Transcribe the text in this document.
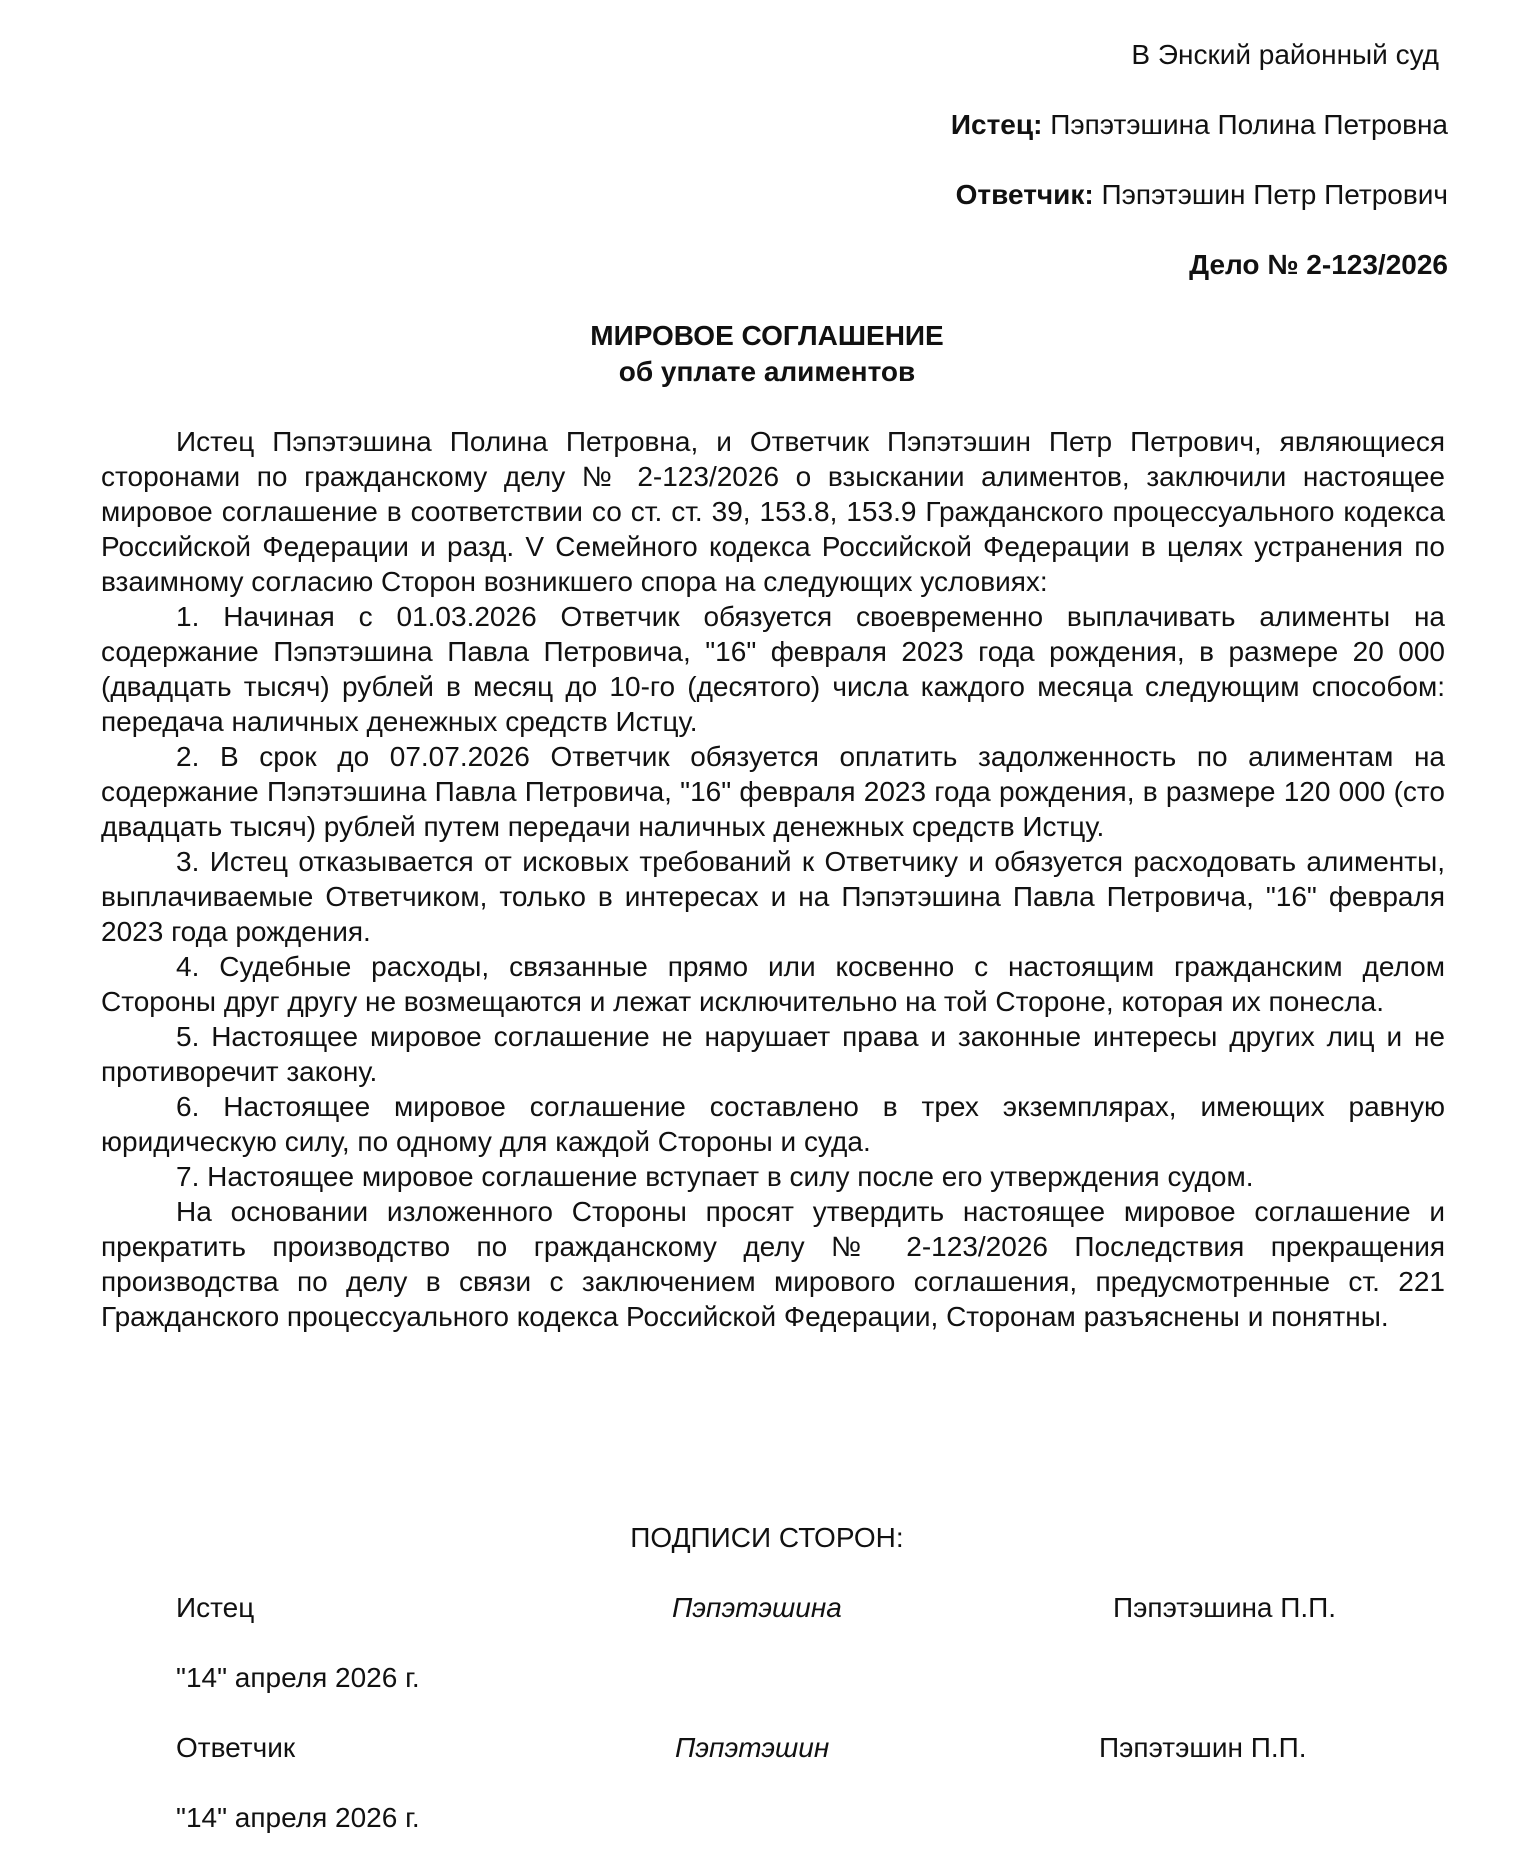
В Энский районный суд
Истец: Пэпэтэшина Полина Петровна
Ответчик: Пэпэтэшин Петр Петрович
Дело № 2-123/2026
МИРОВОЕ СОГЛАШЕНИЕ
об уплате алиментов

Истец Пэпэтэшина Полина Петровна, и Ответчик Пэпэтэшин Петр Петрович, являющиеся сторонами по гражданскому делу № 2-123/2026 о взыскании алиментов, заключили настоящее мировое соглашение в соответствии со ст. ст. 39, 153.8, 153.9 Гражданского процессуального кодекса Российской Федерации и разд. V Семейного кодекса Российской Федерации в целях устранения по взаимному согласию Сторон возникшего спора на следующих условиях:

1. Начиная с 01.03.2026 Ответчик обязуется своевременно выплачивать алименты на содержание Пэпэтэшина Павла Петровича, "16" февраля 2023 года рождения, в размере 20 000 (двадцать тысяч) рублей в месяц до 10-го (десятого) числа каждого месяца следующим способом: передача наличных денежных средств Истцу.

2. В срок до 07.07.2026 Ответчик обязуется оплатить задолженность по алиментам на содержание Пэпэтэшина Павла Петровича, "16" февраля 2023 года рождения, в размере 120 000 (сто двадцать тысяч) рублей путем передачи наличных денежных средств Истцу.

3. Истец отказывается от исковых требований к Ответчику и обязуется расходовать алименты, выплачиваемые Ответчиком, только в интересах и на Пэпэтэшина Павла Петровича, "16" февраля 2023 года рождения.

4. Судебные расходы, связанные прямо или косвенно с настоящим гражданским делом Стороны друг другу не возмещаются и лежат исключительно на той Стороне, которая их понесла.

5. Настоящее мировое соглашение не нарушает права и законные интересы других лиц и не противоречит закону.

6. Настоящее мировое соглашение составлено в трех экземплярах, имеющих равную юридическую силу, по одному для каждой Стороны и суда.

7. Настоящее мировое соглашение вступает в силу после его утверждения судом.

На основании изложенного Стороны просят утвердить настоящее мировое соглашение и прекратить производство по гражданскому делу № 2-123/2026 Последствия прекращения производства по делу в связи с заключением мирового соглашения, предусмотренные ст. 221 Гражданского процессуального кодекса Российской Федерации, Сторонам разъяснены и понятны.

ПОДПИСИ СТОРОН:
Истец	Пэпэтэшина	Пэпэтэшина П.П.
"14" апреля 2026 г.
Ответчик	Пэпэтэшин	Пэпэтэшин П.П.
"14" апреля 2026 г.
